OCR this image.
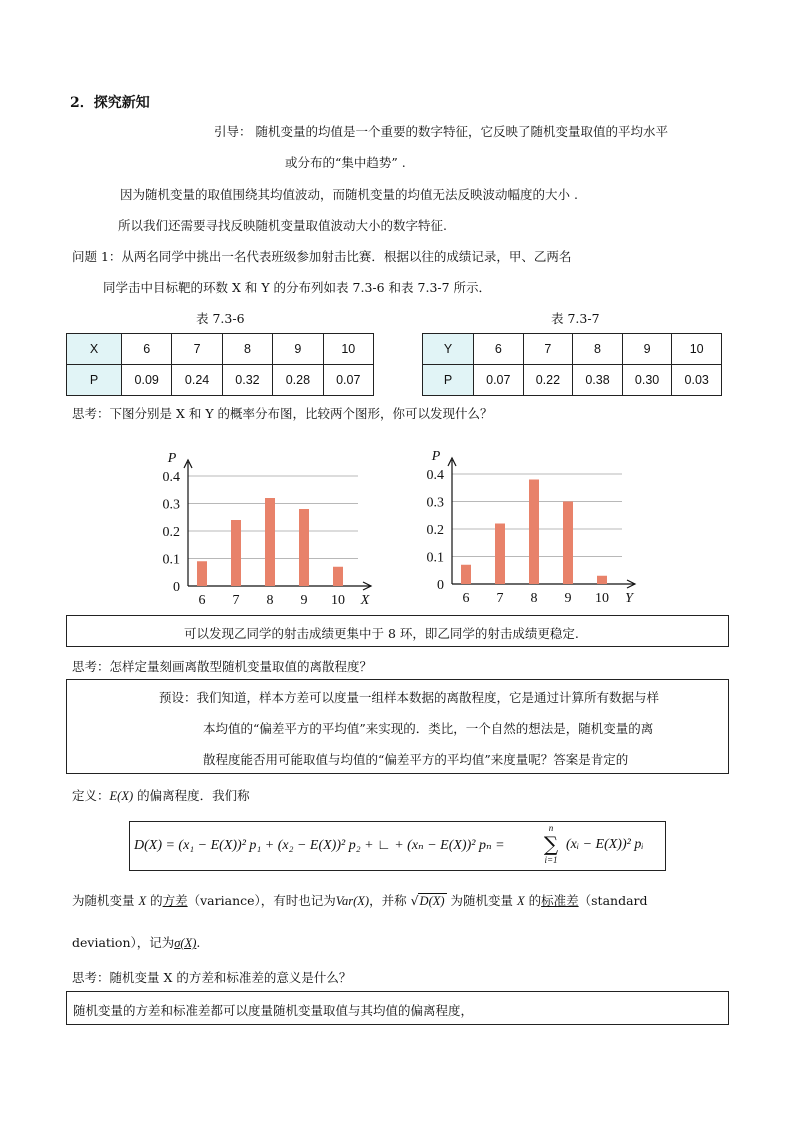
2．探究新知
引导： 随机变量的均值是一个重要的数字特征，它反映了随机变量取值的平均水平
或分布的“集中趋势” .
因为随机变量的取值围绕其均值波动，而随机变量的均值无法反映波动幅度的大小 .
所以我们还需要寻找反映随机变量取值波动大小的数字特征.
问题 1：从两名同学中挑出一名代表班级参加射击比赛．根据以往的成绩记录，甲、乙两名
同学击中目标靶的环数 X 和 Y 的分布列如表 7.3-6 和表 7.3-7 所示．
表 7.3-6	表 7.3-7
X	6	7	8	9	10
P	0.09	0.24	0.32	0.28	0.07
Y	6	7	8	9	10
P	0.07	0.22	0.38	0.30	0.03
思考：下图分别是 X 和 Y 的概率分布图，比较两个图形，你可以发现什么？
0
0.1
0.2
0.3
0.4
P
6 7 8 9 10 X
0
0.1
0.2
0.3
0.4
P
6 7 8 9 10 Y
可以发现乙同学的射击成绩更集中于 8 环，即乙同学的射击成绩更稳定.
思考：怎样定量刻画离散型随机变量取值的离散程度？
预设：我们知道，样本方差可以度量一组样本数据的离散程度，它是通过计算所有数据与样
本均值的“偏差平方的平均值”来实现的．类比，一个自然的想法是，随机变量的离
散程度能否用可能取值与均值的“偏差平方的平均值”来度量呢？答案是肯定的
定义：E(X) 的偏离程度．我们称
D(X) = (x₁ − E(X))² p₁ + (x₂ − E(X))² p₂ + ∟ + (xₙ − E(X))² pₙ =
n
∑
i=1
(xᵢ − E(X))² pᵢ
为随机变量 X 的方差（variance），有时也记为Var(X)，并称 √D(X) 为随机变量 X 的标准差（standard
deviation），记为σ(X).
思考：随机变量 X 的方差和标准差的意义是什么？
随机变量的方差和标准差都可以度量随机变量取值与其均值的偏离程度，
